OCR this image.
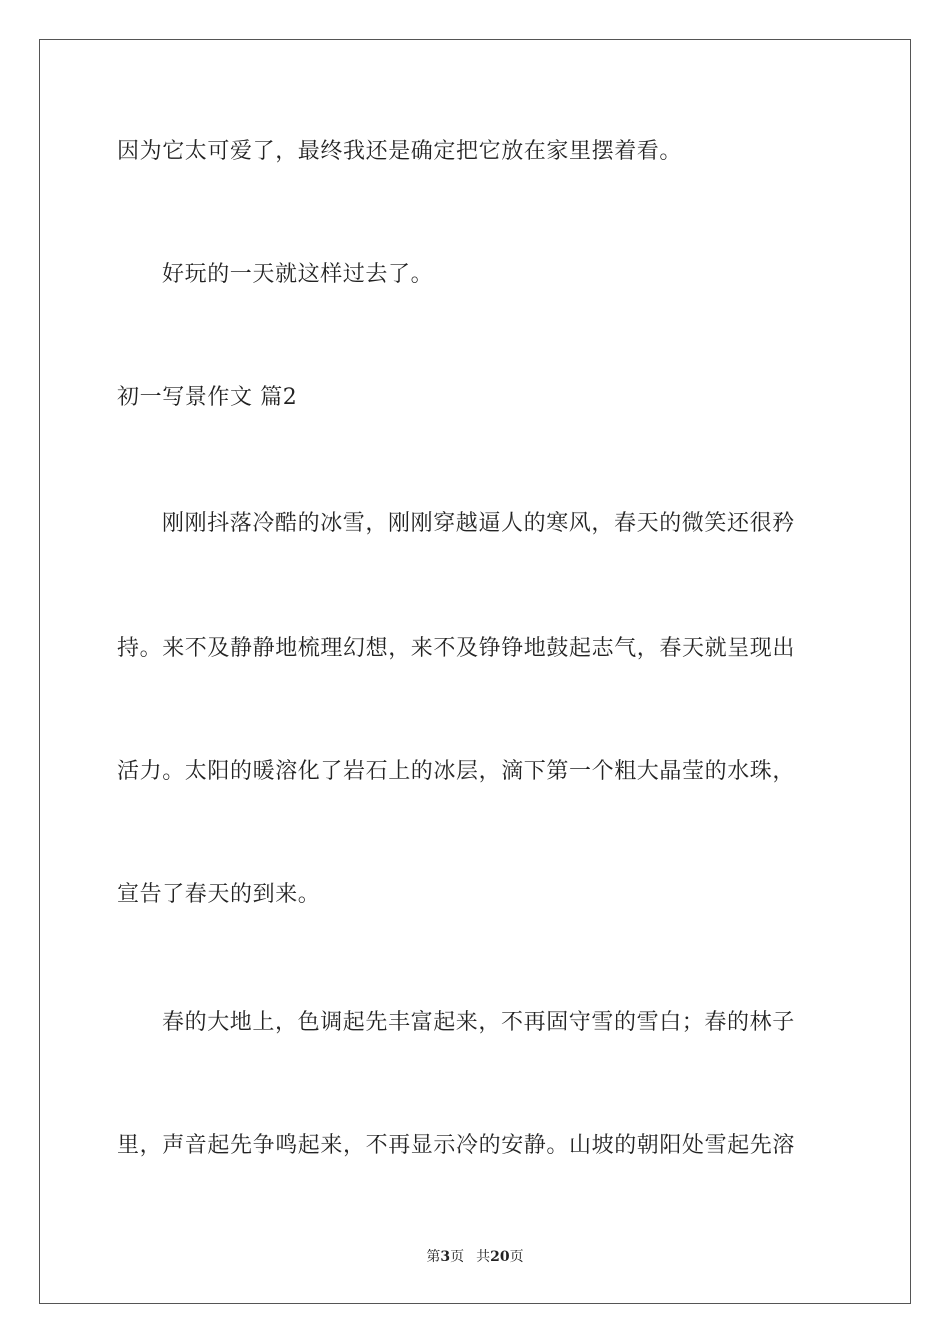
因为它太可爱了，最终我还是确定把它放在家里摆着看。
好玩的一天就这样过去了。
初一写景作文 篇2
刚刚抖落冷酷的冰雪，刚刚穿越逼人的寒风，春天的微笑还很矜
持。来不及静静地梳理幻想，来不及铮铮地鼓起志气，春天就呈现出
活力。太阳的暖溶化了岩石上的冰层，滴下第一个粗大晶莹的水珠，
宣告了春天的到来。
春的大地上，色调起先丰富起来，不再固守雪的雪白；春的林子
里，声音起先争鸣起来，不再显示冷的安静。山坡的朝阳处雪起先溶
第3页 共20页
